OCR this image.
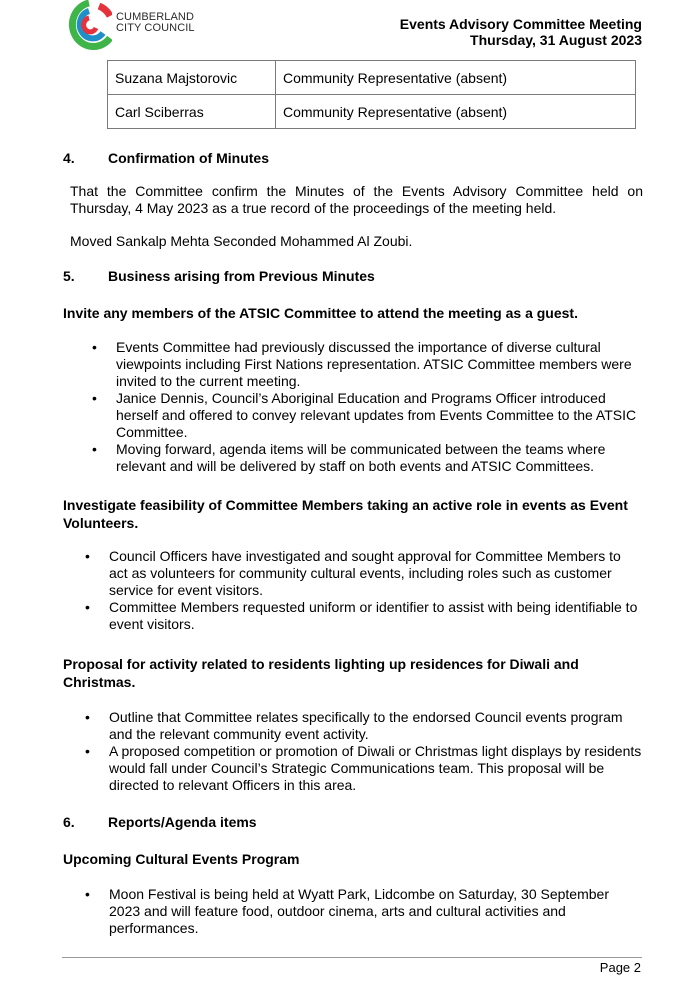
CUMBERLAND
CITY COUNCIL	Events Advisory Committee Meeting
Thursday, 31 August 2023
Suzana Majstorovic	Community Representative (absent)
Carl Sciberras	Community Representative (absent)
4. Confirmation of Minutes
That the Committee confirm the Minutes of the Events Advisory Committee held on Thursday, 4 May 2023 as a true record of the proceedings of the meeting held.
Moved Sankalp Mehta Seconded Mohammed Al Zoubi.
5. Business arising from Previous Minutes
Invite any members of the ATSIC Committee to attend the meeting as a guest.
• Events Committee had previously discussed the importance of diverse cultural viewpoints including First Nations representation. ATSIC Committee members were invited to the current meeting.
• Janice Dennis, Council’s Aboriginal Education and Programs Officer introduced herself and offered to convey relevant updates from Events Committee to the ATSIC Committee.
• Moving forward, agenda items will be communicated between the teams where relevant and will be delivered by staff on both events and ATSIC Committees.
Investigate feasibility of Committee Members taking an active role in events as Event Volunteers.
• Council Officers have investigated and sought approval for Committee Members to act as volunteers for community cultural events, including roles such as customer service for event visitors.
• Committee Members requested uniform or identifier to assist with being identifiable to event visitors.
Proposal for activity related to residents lighting up residences for Diwali and Christmas.
• Outline that Committee relates specifically to the endorsed Council events program and the relevant community event activity.
• A proposed competition or promotion of Diwali or Christmas light displays by residents would fall under Council’s Strategic Communications team. This proposal will be directed to relevant Officers in this area.
6. Reports/Agenda items
Upcoming Cultural Events Program
• Moon Festival is being held at Wyatt Park, Lidcombe on Saturday, 30 September 2023 and will feature food, outdoor cinema, arts and cultural activities and performances.
Page 2
